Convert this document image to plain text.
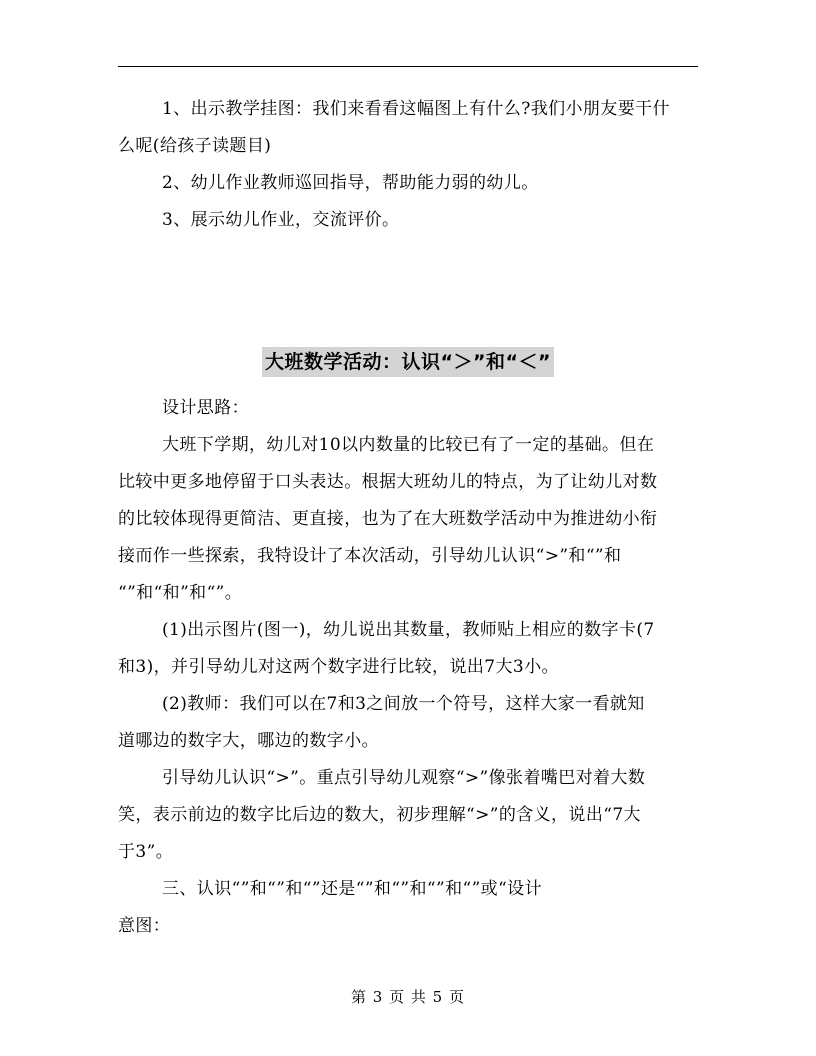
1、出示教学挂图：我们来看看这幅图上有什么?我们小朋友要干什
么呢(给孩子读题目)
2、幼儿作业教师巡回指导，帮助能力弱的幼儿。
3、展示幼儿作业，交流评价。
大班数学活动：认识“＞”和“＜”
设计思路：
大班下学期，幼儿对10以内数量的比较已有了一定的基础。但在
比较中更多地停留于口头表达。根据大班幼儿的特点，为了让幼儿对数
的比较体现得更简洁、更直接，也为了在大班数学活动中为推进幼小衔
接而作一些探索，我特设计了本次活动，引导幼儿认识“>”和“”和
“”和“和”和“”。
(1)出示图片(图一)，幼儿说出其数量，教师贴上相应的数字卡(7
和3)，并引导幼儿对这两个数字进行比较，说出7大3小。
(2)教师：我们可以在7和3之间放一个符号，这样大家一看就知
道哪边的数字大，哪边的数字小。
引导幼儿认识“>”。重点引导幼儿观察“>”像张着嘴巴对着大数
笑，表示前边的数字比后边的数大，初步理解“>”的含义，说出“7大
于3”。
三、认识“”和“”和“”还是“”和“”和“”和“”或“设计
意图：
第 3 页 共 5 页
